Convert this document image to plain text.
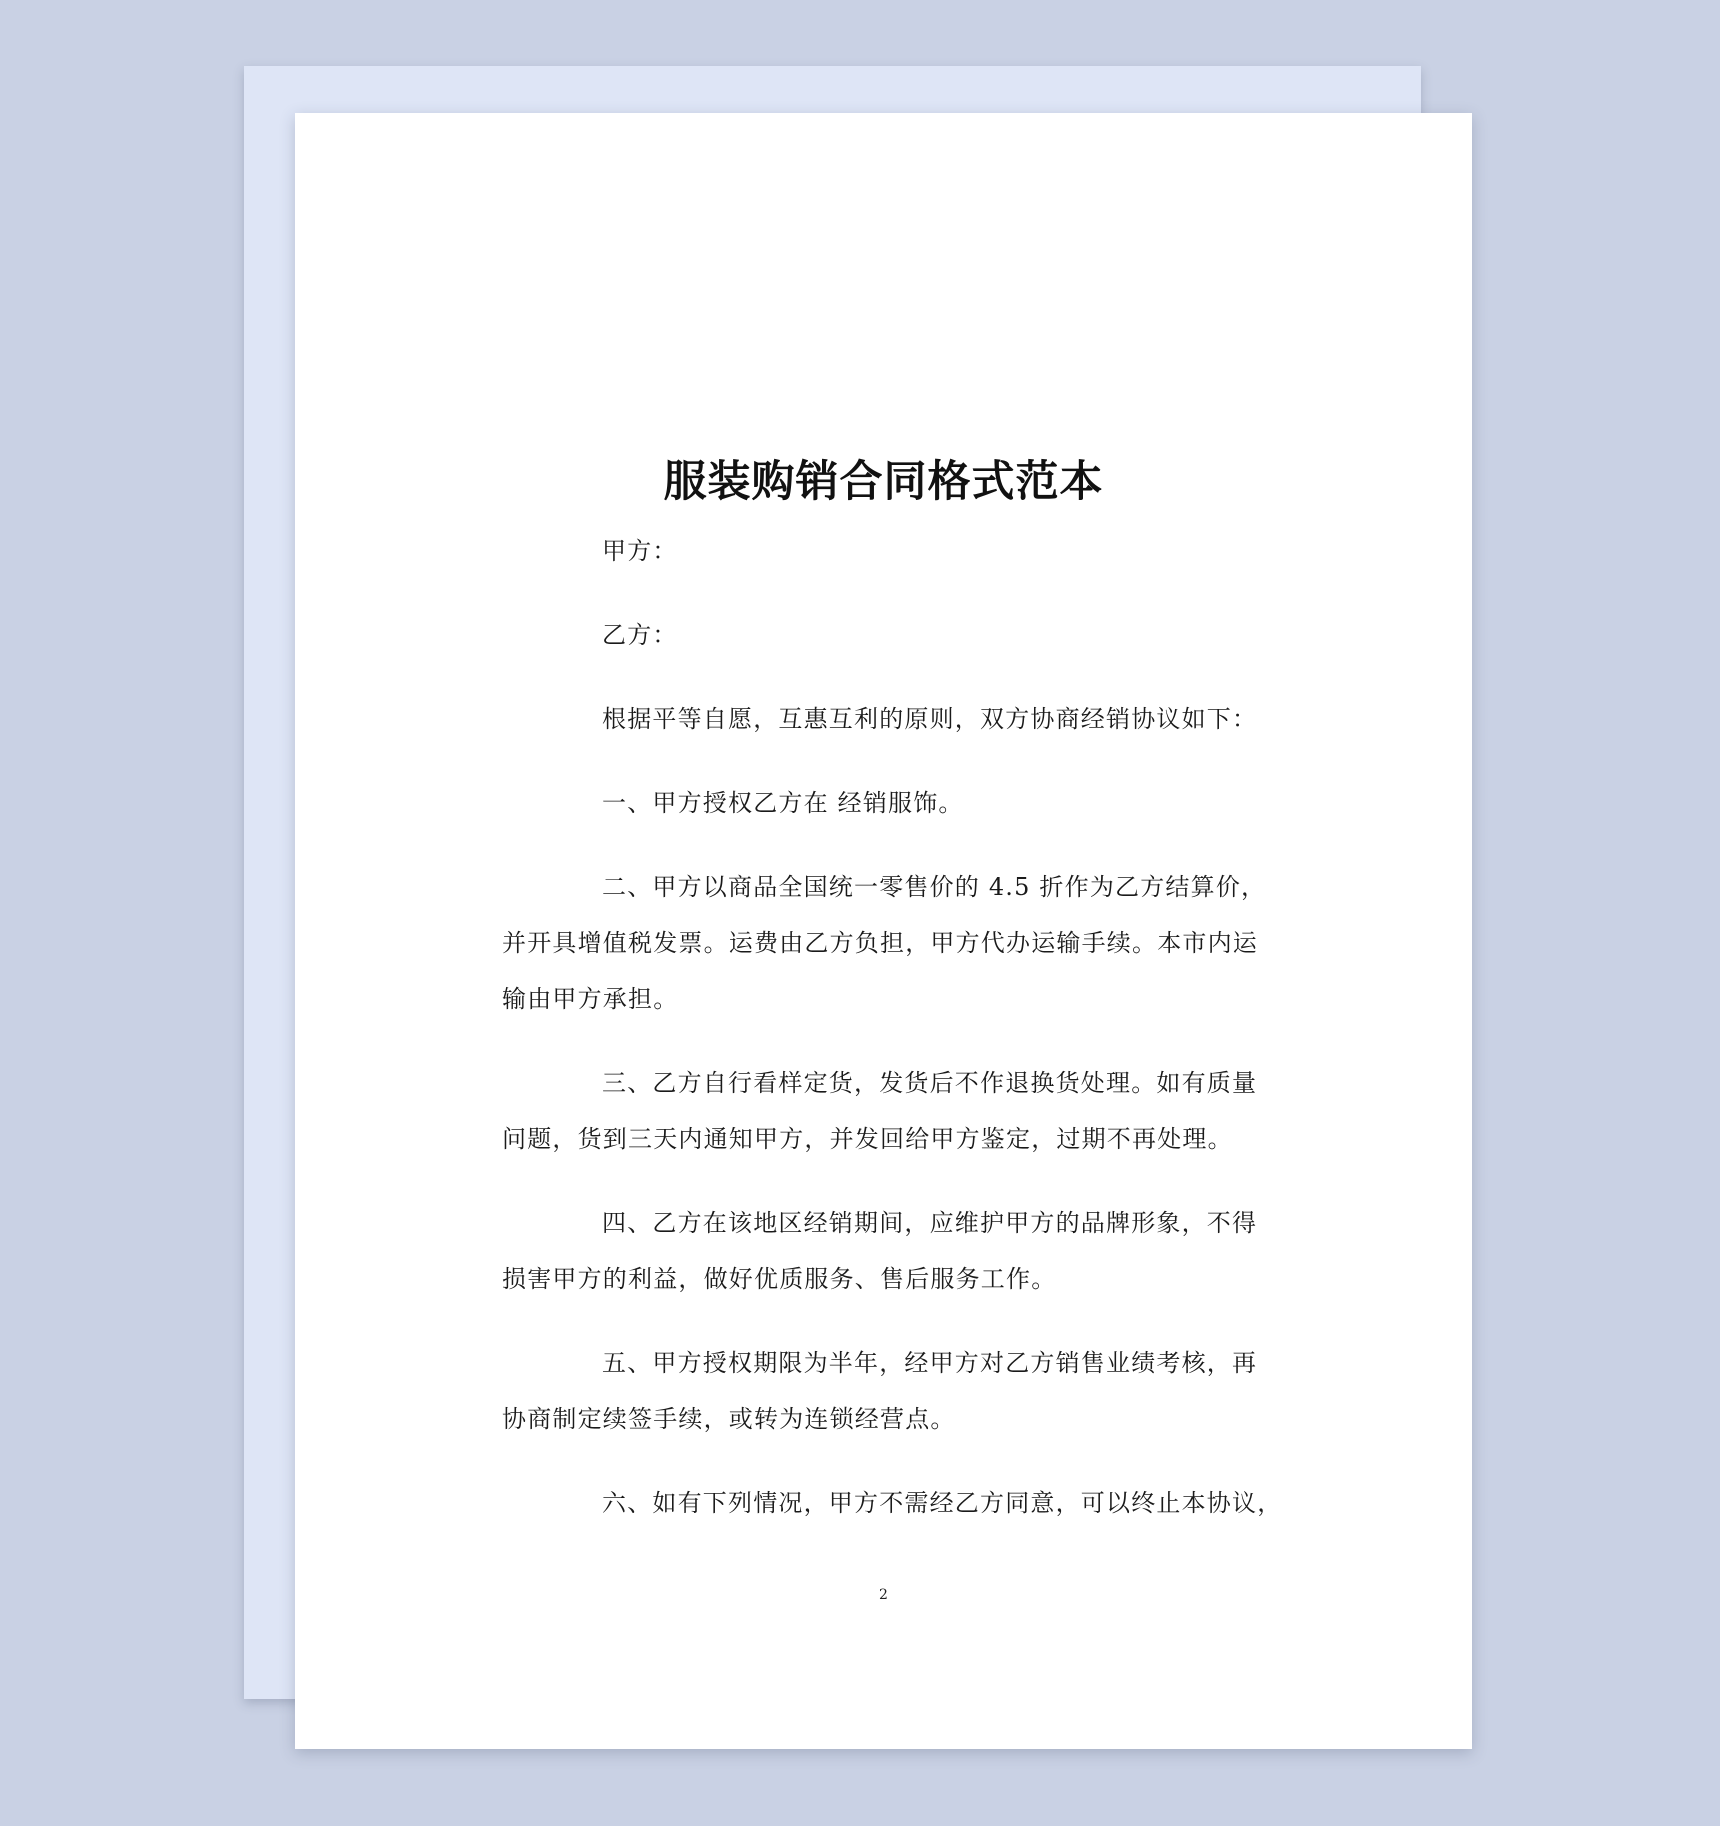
服装购销合同格式范本
甲方：
乙方：
根据平等自愿，互惠互利的原则，双方协商经销协议如下：
一、甲方授权乙方在 经销服饰。
二、甲方以商品全国统一零售价的 4.5 折作为乙方结算价，
并开具增值税发票。运费由乙方负担，甲方代办运输手续。本市内运
输由甲方承担。
三、乙方自行看样定货，发货后不作退换货处理。如有质量
问题，货到三天内通知甲方，并发回给甲方鉴定，过期不再处理。
四、乙方在该地区经销期间，应维护甲方的品牌形象，不得
损害甲方的利益，做好优质服务、售后服务工作。
五、甲方授权期限为半年，经甲方对乙方销售业绩考核，再
协商制定续签手续，或转为连锁经营点。
六、如有下列情况，甲方不需经乙方同意，可以终止本协议，
2
